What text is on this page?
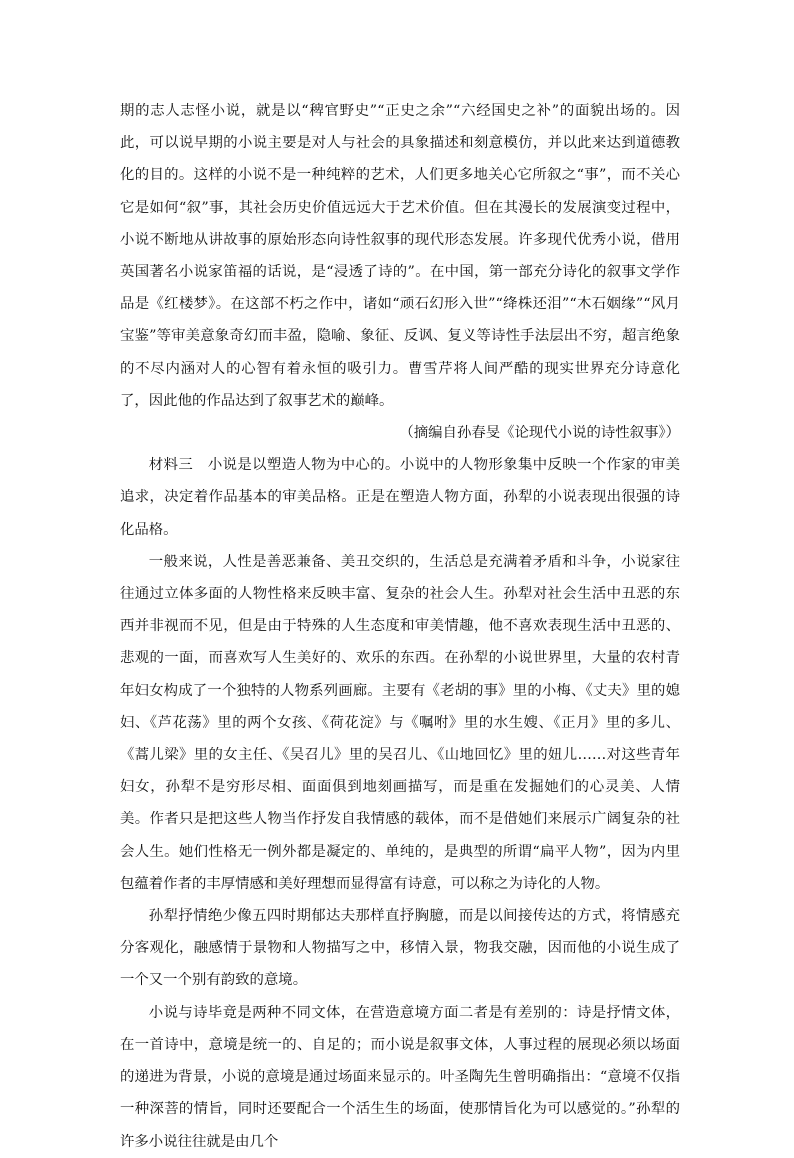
期的志人志怪小说，就是以“稗官野史”“正史之余”“六经国史之补”的面貌出场的。因此，可以说早期的小说主要是对人与社会的具象描述和刻意模仿，并以此来达到道德教化的目的。这样的小说不是一种纯粹的艺术，人们更多地关心它所叙之“事”，而不关心它是如何“叙”事，其社会历史价值远远大于艺术价值。但在其漫长的发展演变过程中，小说不断地从讲故事的原始形态向诗性叙事的现代形态发展。许多现代优秀小说，借用英国著名小说家笛福的话说，是“浸透了诗的”。在中国，第一部充分诗化的叙事文学作品是《红楼梦》。在这部不朽之作中，诸如“顽石幻形入世”“绛株还泪”“木石姻缘”“风月宝鉴”等审美意象奇幻而丰盈，隐喻、象征、反讽、复义等诗性手法层出不穷，超言绝象的不尽内涵对人的心智有着永恒的吸引力。曹雪芹将人间严酷的现实世界充分诗意化了，因此他的作品达到了叙事艺术的巅峰。

（摘编自孙春旻《论现代小说的诗性叙事》）

材料三　小说是以塑造人物为中心的。小说中的人物形象集中反映一个作家的审美追求，决定着作品基本的审美品格。正是在塑造人物方面，孙犁的小说表现出很强的诗化品格。

一般来说，人性是善恶兼备、美丑交织的，生活总是充满着矛盾和斗争，小说家往往通过立体多面的人物性格来反映丰富、复杂的社会人生。孙犁对社会生活中丑恶的东西并非视而不见，但是由于特殊的人生态度和审美情趣，他不喜欢表现生活中丑恶的、悲观的一面，而喜欢写人生美好的、欢乐的东西。在孙犁的小说世界里，大量的农村青年妇女构成了一个独特的人物系列画廊。主要有《老胡的事》里的小梅、《丈夫》里的媳妇、《芦花荡》里的两个女孩、《荷花淀》与《嘱咐》里的水生嫂、《正月》里的多儿、《蒿儿梁》里的女主任、《吴召儿》里的吴召儿、《山地回忆》里的妞儿……对这些青年妇女，孙犁不是穷形尽相、面面俱到地刻画描写，而是重在发掘她们的心灵美、人情美。作者只是把这些人物当作抒发自我情感的载体，而不是借她们来展示广阔复杂的社会人生。她们性格无一例外都是凝定的、单纯的，是典型的所谓“扁平人物”，因为内里包蕴着作者的丰厚情感和美好理想而显得富有诗意，可以称之为诗化的人物。

孙犁抒情绝少像五四时期郁达夫那样直抒胸臆，而是以间接传达的方式，将情感充分客观化，融感情于景物和人物描写之中，移情入景，物我交融，因而他的小说生成了一个又一个别有韵致的意境。

小说与诗毕竟是两种不同文体，在营造意境方面二者是有差别的：诗是抒情文体，在一首诗中，意境是统一的、自足的；而小说是叙事文体，人事过程的展现必须以场面的递进为背景，小说的意境是通过场面来显示的。叶圣陶先生曾明确指出：“意境不仅指一种深菩的情旨，同时还要配合一个活生生的场面，使那情旨化为可以感觉的。”孙犁的许多小说往往就是由几个
